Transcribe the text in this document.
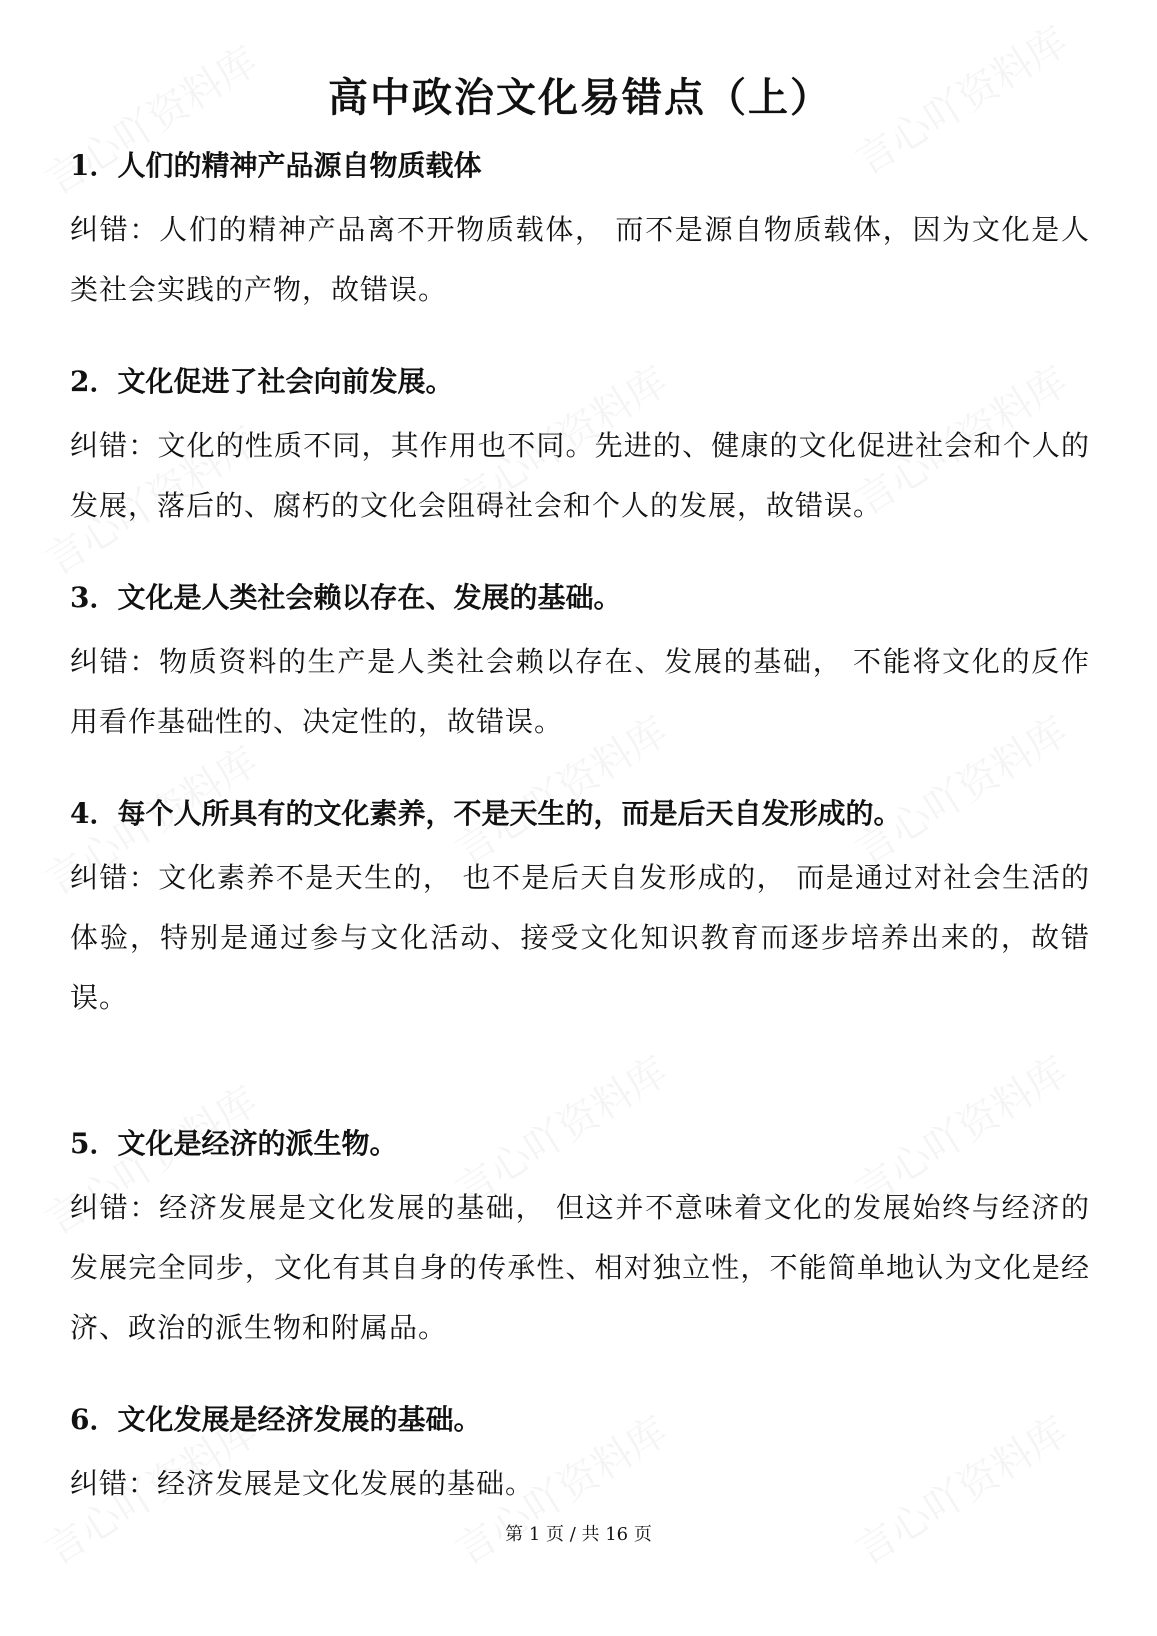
高中政治文化易错点（上）

1．人们的精神产品源自物质载体

纠错：人们的精神产品离不开物质载体， 而不是源自物质载体，因为文化是人类社会实践的产物，故错误。

2．文化促进了社会向前发展。

纠错：文化的性质不同，其作用也不同。先进的、健康的文化促进社会和个人的发展，落后的、腐朽的文化会阻碍社会和个人的发展，故错误。

3．文化是人类社会赖以存在、发展的基础。

纠错：物质资料的生产是人类社会赖以存在、发展的基础， 不能将文化的反作用看作基础性的、决定性的，故错误。

4．每个人所具有的文化素养，不是天生的，而是后天自发形成的。

纠错：文化素养不是天生的， 也不是后天自发形成的， 而是通过对社会生活的体验，特别是通过参与文化活动、接受文化知识教育而逐步培养出来的，故错误。

5．文化是经济的派生物。

纠错：经济发展是文化发展的基础， 但这并不意味着文化的发展始终与经济的发展完全同步，文化有其自身的传承性、相对独立性，不能简单地认为文化是经济、政治的派生物和附属品。

6．文化发展是经济发展的基础。

纠错：经济发展是文化发展的基础。

第 1 页 / 共 16 页
